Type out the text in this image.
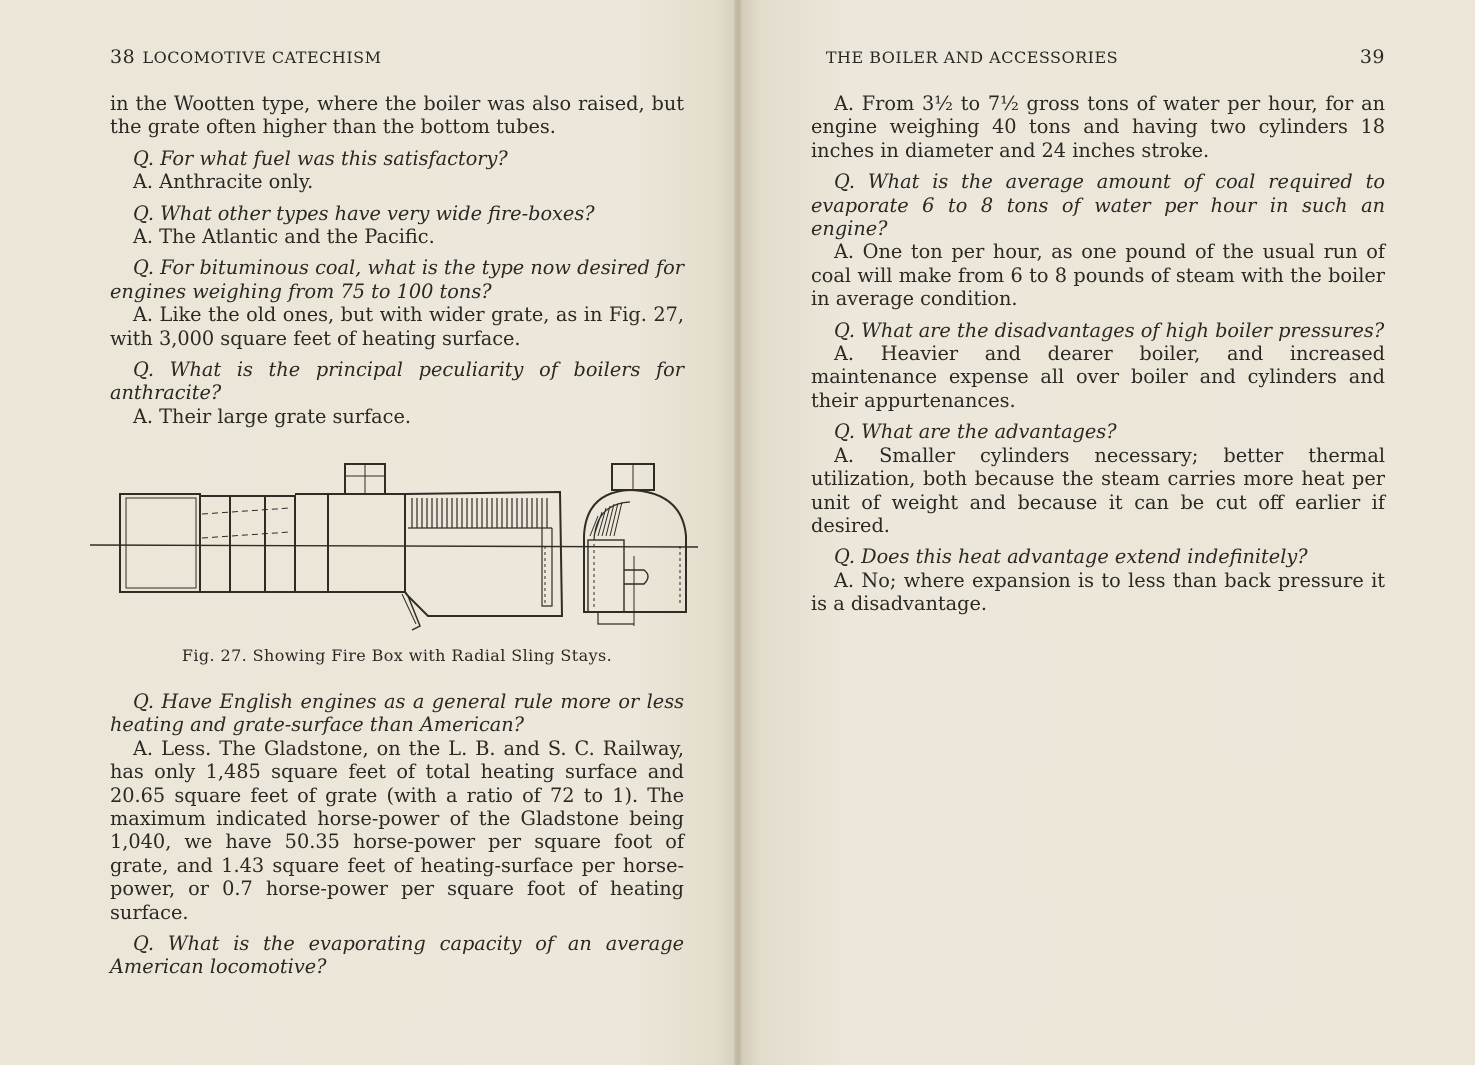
38 LOCOMOTIVE CATECHISM

in the Wootten type, where the boiler was also raised, but the grate often higher than the bottom tubes.

Q. For what fuel was this satisfactory?

A. Anthracite only.

Q. What other types have very wide fire-boxes?

A. The Atlantic and the Pacific.

Q. For bituminous coal, what is the type now desired for engines weighing from 75 to 100 tons?

A. Like the old ones, but with wider grate, as in Fig. 27, with 3,000 square feet of heating surface.

Q. What is the principal peculiarity of boilers for anthracite?

A. Their large grate surface.

Fig. 27. Showing Fire Box with Radial Sling Stays.

Q. Have English engines as a general rule more or less heating and grate-surface than American?

A. Less. The Gladstone, on the L. B. and S. C. Railway, has only 1,485 square feet of total heating surface and 20.65 square feet of grate (with a ratio of 72 to 1). The maximum indicated horse-power of the Gladstone being 1,040, we have 50.35 horse-power per square foot of grate, and 1.43 square feet of heating-surface per horse-power, or 0.7 horse-power per square foot of heating surface.

Q. What is the evaporating capacity of an average American locomotive?

THE BOILER AND ACCESSORIES	39

A. From 3½ to 7½ gross tons of water per hour, for an engine weighing 40 tons and having two cylinders 18 inches in diameter and 24 inches stroke.

Q. What is the average amount of coal required to evaporate 6 to 8 tons of water per hour in such an engine?

A. One ton per hour, as one pound of the usual run of coal will make from 6 to 8 pounds of steam with the boiler in average condition.

Q. What are the disadvantages of high boiler pressures?

A. Heavier and dearer boiler, and increased maintenance expense all over boiler and cylinders and their appurtenances.

Q. What are the advantages?

A. Smaller cylinders necessary; better thermal utilization, both because the steam carries more heat per unit of weight and because it can be cut off earlier if desired.

Q. Does this heat advantage extend indefinitely?

A. No; where expansion is to less than back pressure it is a disadvantage.
